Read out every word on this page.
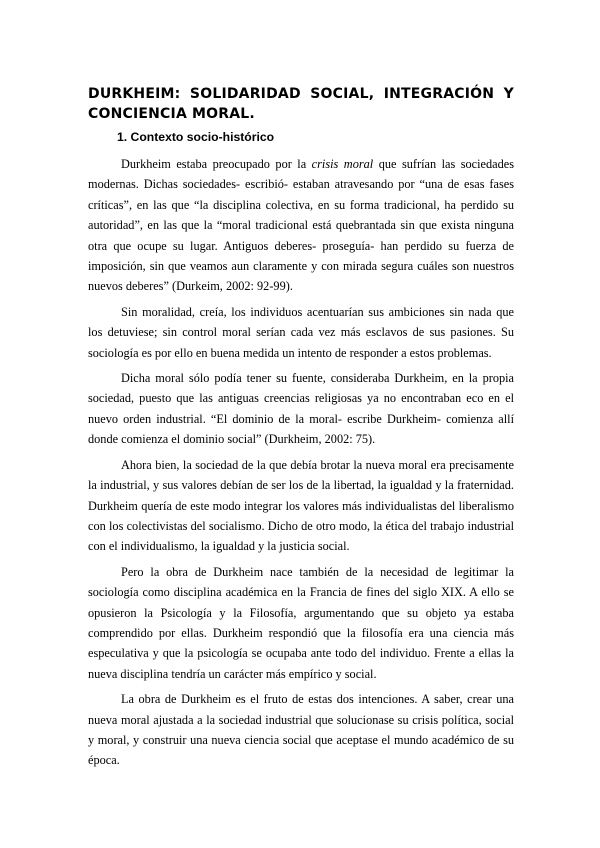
DURKHEIM: SOLIDARIDAD SOCIAL, INTEGRACIÓN Y CONCIENCIA MORAL.
1. Contexto socio-histórico

Durkheim estaba preocupado por la crisis moral que sufrían las sociedades modernas. Dichas sociedades- escribió- estaban atravesando por “una de esas fases críticas”, en las que “la disciplina colectiva, en su forma tradicional, ha perdido su autoridad”, en las que la “moral tradicional está quebrantada sin que exista ninguna otra que ocupe su lugar. Antiguos deberes- proseguía- han perdido su fuerza de imposición, sin que veamos aun claramente y con mirada segura cuáles son nuestros nuevos deberes” (Durkeim, 2002: 92-99).

Sin moralidad, creía, los individuos acentuarían sus ambiciones sin nada que los detuviese; sin control moral serían cada vez más esclavos de sus pasiones. Su sociología es por ello en buena medida un intento de responder a estos problemas.

Dicha moral sólo podía tener su fuente, consideraba Durkheim, en la propia sociedad, puesto que las antiguas creencias religiosas ya no encontraban eco en el nuevo orden industrial. “El dominio de la moral- escribe Durkheim- comienza allí donde comienza el dominio social” (Durkheim, 2002: 75).

Ahora bien, la sociedad de la que debía brotar la nueva moral era precisamente la industrial, y sus valores debían de ser los de la libertad, la igualdad y la fraternidad. Durkheim quería de este modo integrar los valores más individualistas del liberalismo con los colectivistas del socialismo. Dicho de otro modo, la ética del trabajo industrial con el individualismo, la igualdad y la justicia social.

Pero la obra de Durkheim nace también de la necesidad de legitimar la sociología como disciplina académica en la Francia de fines del siglo XIX. A ello se opusieron la Psicología y la Filosofía, argumentando que su objeto ya estaba comprendido por ellas. Durkheim respondió que la filosofía era una ciencia más especulativa y que la psicología se ocupaba ante todo del individuo. Frente a ellas la nueva disciplina tendría un carácter más empírico y social.

La obra de Durkheim es el fruto de estas dos intenciones. A saber, crear una nueva moral ajustada a la sociedad industrial que solucionase su crisis política, social y moral, y construir una nueva ciencia social que aceptase el mundo académico de su época.
